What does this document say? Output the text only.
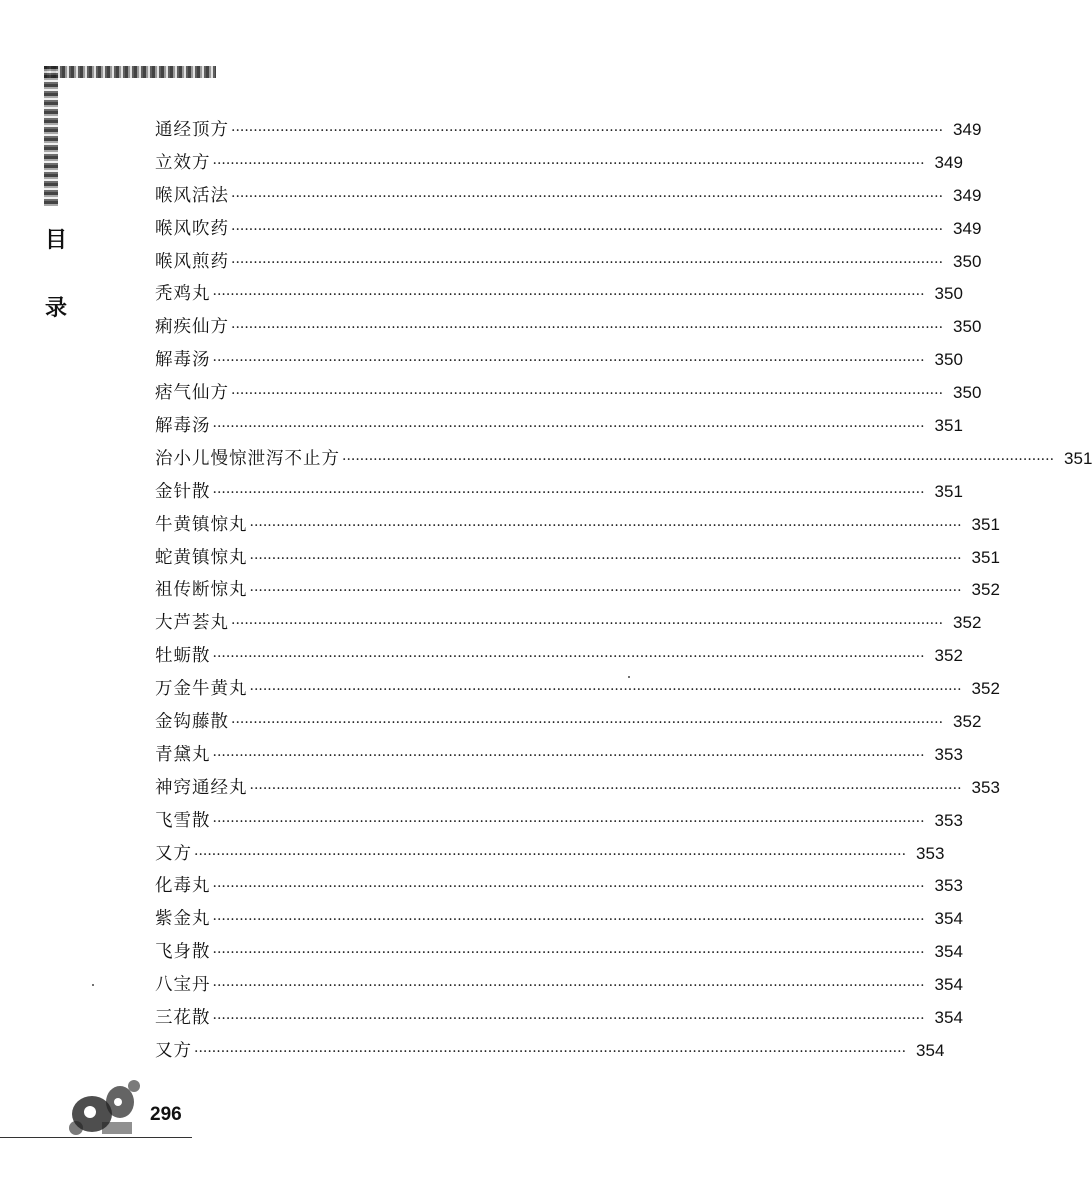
目
录
通经顶方 ································································································································································ 349
立效方 ································································································································································ 349
喉风活法 ································································································································································ 349
喉风吹药 ································································································································································ 349
喉风煎药 ································································································································································ 350
秃鸡丸 ································································································································································ 350
痢疾仙方 ································································································································································ 350
解毒汤 ································································································································································ 350
痞气仙方 ································································································································································ 350
解毒汤 ································································································································································ 351
治小儿慢惊泄泻不止方 ································································································································································ 351
金针散 ································································································································································ 351
牛黄镇惊丸 ································································································································································ 351
蛇黄镇惊丸 ································································································································································ 351
祖传断惊丸 ································································································································································ 352
大芦荟丸 ································································································································································ 352
牡蛎散 ································································································································································ 352
万金牛黄丸 ································································································································································ 352
金钩藤散 ································································································································································ 352
青黛丸 ································································································································································ 353
神窍通经丸 ································································································································································ 353
飞雪散 ································································································································································ 353
又方 ································································································································································ 353
化毒丸 ································································································································································ 353
紫金丸 ································································································································································ 354
飞身散 ································································································································································ 354
八宝丹 ································································································································································ 354
三花散 ································································································································································ 354
又方 ································································································································································ 354
296
